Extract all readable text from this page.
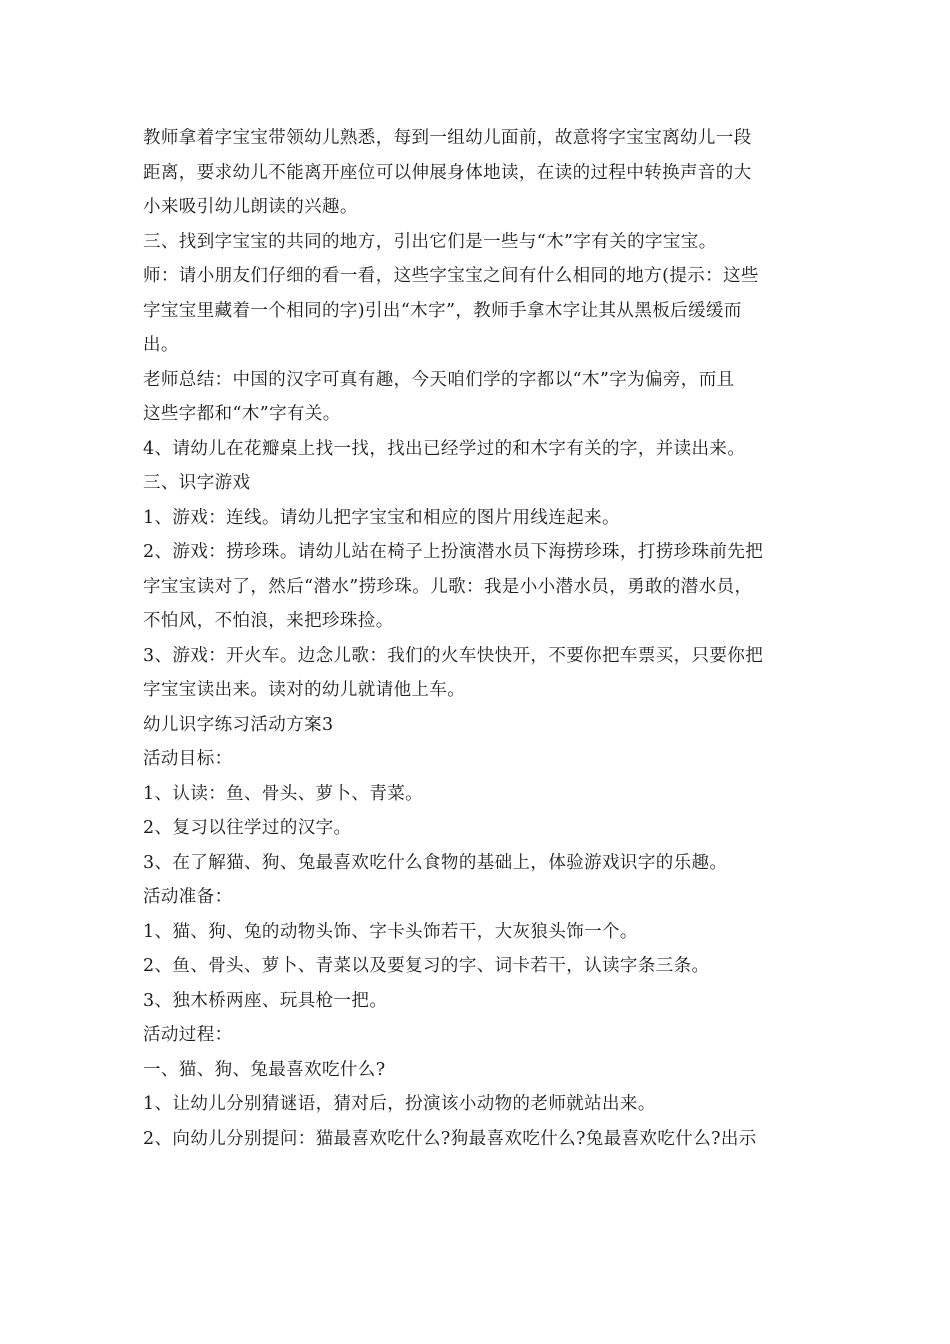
教师拿着字宝宝带领幼儿熟悉，每到一组幼儿面前，故意将字宝宝离幼儿一段
距离，要求幼儿不能离开座位可以伸展身体地读，在读的过程中转换声音的大
小来吸引幼儿朗读的兴趣。
三、找到字宝宝的共同的地方，引出它们是一些与“木”字有关的字宝宝。
师：请小朋友们仔细的看一看，这些字宝宝之间有什么相同的地方(提示：这些
字宝宝里藏着一个相同的字)引出“木字”，教师手拿木字让其从黑板后缓缓而
出。
老师总结：中国的汉字可真有趣，今天咱们学的字都以“木”字为偏旁，而且
这些字都和“木”字有关。
4、请幼儿在花瓣桌上找一找，找出已经学过的和木字有关的字，并读出来。
三、识字游戏
1、游戏：连线。请幼儿把字宝宝和相应的图片用线连起来。
2、游戏：捞珍珠。请幼儿站在椅子上扮演潜水员下海捞珍珠，打捞珍珠前先把
字宝宝读对了，然后“潜水”捞珍珠。儿歌：我是小小潜水员，勇敢的潜水员，
不怕风，不怕浪，来把珍珠捡。
3、游戏：开火车。边念儿歌：我们的火车快快开，不要你把车票买，只要你把
字宝宝读出来。读对的幼儿就请他上车。
幼儿识字练习活动方案3
活动目标：
1、认读：鱼、骨头、萝卜、青菜。
2、复习以往学过的汉字。
3、在了解猫、狗、兔最喜欢吃什么食物的基础上，体验游戏识字的乐趣。
活动准备：
1、猫、狗、兔的动物头饰、字卡头饰若干，大灰狼头饰一个。
2、鱼、骨头、萝卜、青菜以及要复习的字、词卡若干，认读字条三条。
3、独木桥两座、玩具枪一把。
活动过程：
一、猫、狗、兔最喜欢吃什么?
1、让幼儿分别猜谜语，猜对后，扮演该小动物的老师就站出来。
2、向幼儿分别提问：猫最喜欢吃什么?狗最喜欢吃什么?兔最喜欢吃什么?出示
